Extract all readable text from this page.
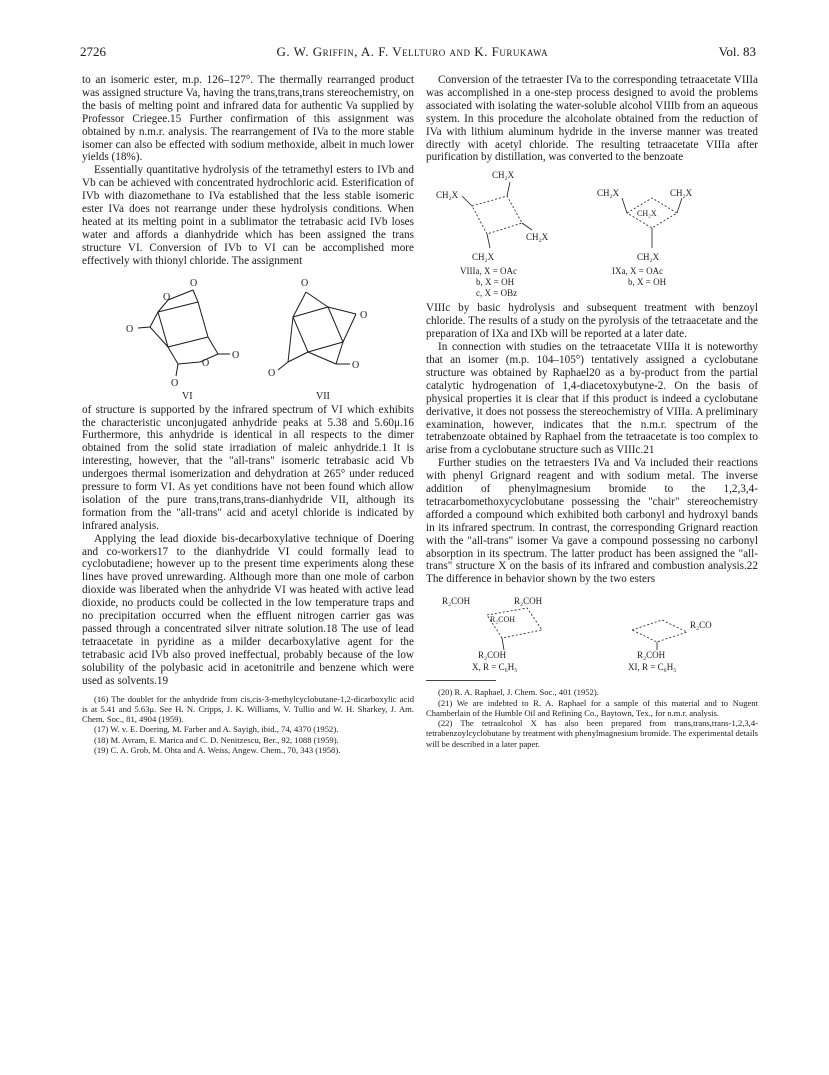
2726	G. W. Griffin, A. F. Vellturo and K. Furukawa	Vol. 83

to an isomeric ester, m.p. 126–127°. The thermally rearranged product was assigned structure Va, having the trans,trans,trans stereochemistry, on the basis of melting point and infrared data for authentic Va supplied by Professor Criegee.15 Further confirmation of this assignment was obtained by n.m.r. analysis. The rearrangement of IVa to the more stable isomer can also be effected with sodium methoxide, albeit in much lower yields (18%).

Essentially quantitative hydrolysis of the tetramethyl esters to IVb and Vb can be achieved with concentrated hydrochloric acid. Esterification of IVb with diazomethane to IVa established that the less stable isomeric ester IVa does not rearrange under these hydrolysis conditions. When heated at its melting point in a sublimator the tetrabasic acid IVb loses water and affords a dianhydride which has been assigned the trans structure VI. Conversion of IVb to VI can be accomplished more effectively with thionyl chloride. The assignment

O
O
O
O
O
O
VI
O
O
O
O
VII

of structure is supported by the infrared spectrum of VI which exhibits the characteristic unconjugated anhydride peaks at 5.38 and 5.60μ.16 Furthermore, this anhydride is identical in all respects to the dimer obtained from the solid state irradiation of maleic anhydride.1 It is interesting, however, that the "all-trans" isomeric tetrabasic acid Vb undergoes thermal isomerization and dehydration at 265° under reduced pressure to form VI. As yet conditions have not been found which allow isolation of the pure trans,trans,trans-dianhydride VII, although its formation from the "all-trans" acid and acetyl chloride is indicated by infrared analysis.

Applying the lead dioxide bis-decarboxylative technique of Doering and co-workers17 to the dianhydride VI could formally lead to cyclobutadiene; however up to the present time experiments along these lines have proved unrewarding. Although more than one mole of carbon dioxide was liberated when the anhydride VI was heated with active lead dioxide, no products could be collected in the low temperature traps and no precipitation occurred when the effluent nitrogen carrier gas was passed through a concentrated silver nitrate solution.18 The use of lead tetraacetate in pyridine as a milder decarboxylative agent for the tetrabasic acid IVb also proved ineffectual, probably because of the low solubility of the polybasic acid in acetonitrile and benzene which were used as solvents.19

(16) The doublet for the anhydride from cis,cis-3-methylcyclobutane-1,2-dicarboxylic acid is at 5.41 and 5.63μ. See H. N. Cripps, J. K. Williams, V. Tullio and W. H. Sharkey, J. Am. Chem. Soc., 81, 4904 (1959).
(17) W. v. E. Doering, M. Farber and A. Sayigh, ibid., 74, 4370 (1952).
(18) M. Avram, E. Marica and C. D. Nenitzescu, Ber., 92, 1088 (1959).
(19) C. A. Grob, M. Ohta and A. Weiss, Angew. Chem., 70, 343 (1958).

Conversion of the tetraester IVa to the corresponding tetraacetate VIIIa was accomplished in a one-step process designed to avoid the problems associated with isolating the water-soluble alcohol VIIIb from an aqueous system. In this procedure the alcoholate obtained from the reduction of IVa with lithium aluminum hydride in the inverse manner was treated directly with acetyl chloride. The resulting tetraacetate VIIIa after purification by distillation, was converted to the benzoate

CH₂X
CH₂X
CH₂X
CH₂X
CH₂X	CH₂X
CH₂X
CH₂X
VIIIa, X = OAc
b, X = OH
c, X = OBz
IXa, X = OAc
b, X = OH

VIIIc by basic hydrolysis and subsequent treatment with benzoyl chloride. The results of a study on the pyrolysis of the tetraacetate and the preparation of IXa and IXb will be reported at a later date.

In connection with studies on the tetraacetate VIIIa it is noteworthy that an isomer (m.p. 104–105°) tentatively assigned a cyclobutane structure was obtained by Raphael20 as a by-product from the partial catalytic hydrogenation of 1,4-diacetoxybutyne-2. On the basis of physical properties it is clear that if this product is indeed a cyclobutane derivative, it does not possess the stereochemistry of VIIIa. A preliminary examination, however, indicates that the n.m.r. spectrum of the tetrabenzoate obtained by Raphael from the tetraacetate is too complex to arise from a cyclobutane structure such as VIIIc.21

Further studies on the tetraesters IVa and Va included their reactions with phenyl Grignard reagent and with sodium metal. The inverse addition of phenylmagnesium bromide to the 1,2,3,4-tetracarbomethoxycyclobutane possessing the "chair" stereochemistry afforded a compound which exhibited both carbonyl and hydroxyl bands in its infrared spectrum. In contrast, the corresponding Grignard reaction with the "all-trans" isomer Va gave a compound possessing no carbonyl absorption in its spectrum. The latter product has been assigned the "all-trans" structure X on the basis of its infrared and combustion analysis.22 The difference in behavior shown by the two esters

R₂COH	R₂COH
R₂COH
R₂COH
R₂CO
R₂COH
X, R = C₆H₅	XI, R = C₆H₅
(20) R. A. Raphael, J. Chem. Soc., 401 (1952).
(21) We are indebted to R. A. Raphael for a sample of this material and to Nugent Chamberlain of the Humble Oil and Refining Co., Baytown, Tex., for n.m.r. analysis.
(22) The tetraalcohol X has also been prepared from trans,trans,trans-1,2,3,4-tetrabenzoylcyclobutane by treatment with phenylmagnesium bromide. The experimental details will be described in a later paper.
